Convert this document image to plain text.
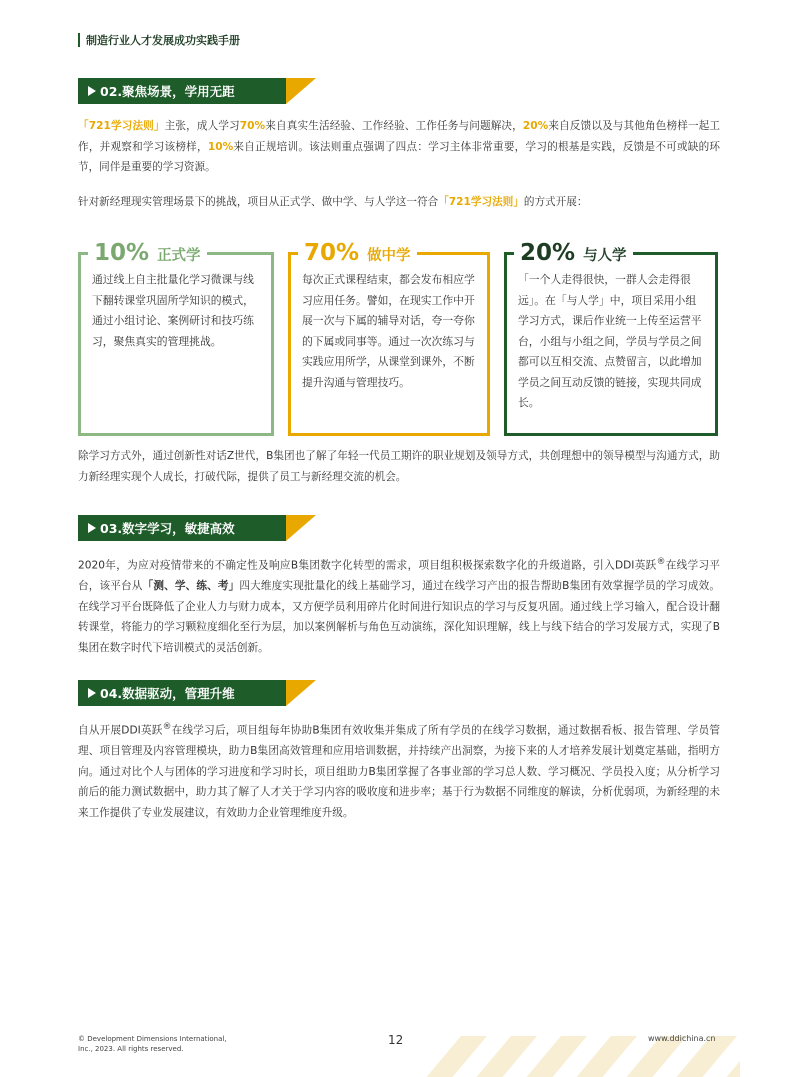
制造行业人才发展成功实践手册
02.聚焦场景，学用无距

「721学习法则」主张，成人学习70%来自真实生活经验、工作经验、工作任务与问题解决，20%来自反馈以及与其他角色榜样一起工作，并观察和学习该榜样，10%来自正规培训。该法则重点强调了四点：学习主体非常重要，学习的根基是实践，反馈是不可或缺的环节，同伴是重要的学习资源。

针对新经理现实管理场景下的挑战，项目从正式学、做中学、与人学这一符合「721学习法则」的方式开展：

10% 正式学
通过线上自主批量化学习微课与线下翻转课堂巩固所学知识的模式，通过小组讨论、案例研讨和技巧练习，聚焦真实的管理挑战。
70% 做中学
每次正式课程结束，都会发布相应学习应用任务。譬如，在现实工作中开展一次与下属的辅导对话，夸一夸你的下属或同事等。通过一次次练习与实践应用所学，从课堂到课外，不断提升沟通与管理技巧。
20% 与人学
「一个人走得很快，一群人会走得很远」。在「与人学」中，项目采用小组学习方式，课后作业统一上传至运营平台，小组与小组之间，学员与学员之间都可以互相交流、点赞留言，以此增加学员之间互动反馈的链接，实现共同成长。

除学习方式外，通过创新性对话Z世代，B集团也了解了年轻一代员工期许的职业规划及领导方式，共创理想中的领导模型与沟通方式，助力新经理实现个人成长，打破代际，提供了员工与新经理交流的机会。

03.数字学习，敏捷高效

2020年，为应对疫情带来的不确定性及响应B集团数字化转型的需求，项目组积极探索数字化的升级道路，引入DDI英跃®在线学习平台，该平台从「测、学、练、考」四大维度实现批量化的线上基础学习，通过在线学习产出的报告帮助B集团有效掌握学员的学习成效。在线学习平台既降低了企业人力与财力成本，又方便学员利用碎片化时间进行知识点的学习与反复巩固。通过线上学习输入，配合设计翻转课堂，将能力的学习颗粒度细化至行为层，加以案例解析与角色互动演练，深化知识理解，线上与线下结合的学习发展方式，实现了B集团在数字时代下培训模式的灵活创新。

04.数据驱动，管理升维

自从开展DDI英跃®在线学习后，项目组每年协助B集团有效收集并集成了所有学员的在线学习数据，通过数据看板、报告管理、学员管理、项目管理及内容管理模块，助力B集团高效管理和应用培训数据，并持续产出洞察，为接下来的人才培养发展计划奠定基础，指明方向。通过对比个人与团体的学习进度和学习时长，项目组助力B集团掌握了各事业部的学习总人数、学习概况、学员投入度；从分析学习前后的能力测试数据中，助力其了解了人才关于学习内容的吸收度和进步率；基于行为数据不同维度的解读，分析优弱项，为新经理的未来工作提供了专业发展建议，有效助力企业管理维度升级。

© Development Dimensions International,
Inc., 2023. All rights reserved.
12	www.ddichina.cn
